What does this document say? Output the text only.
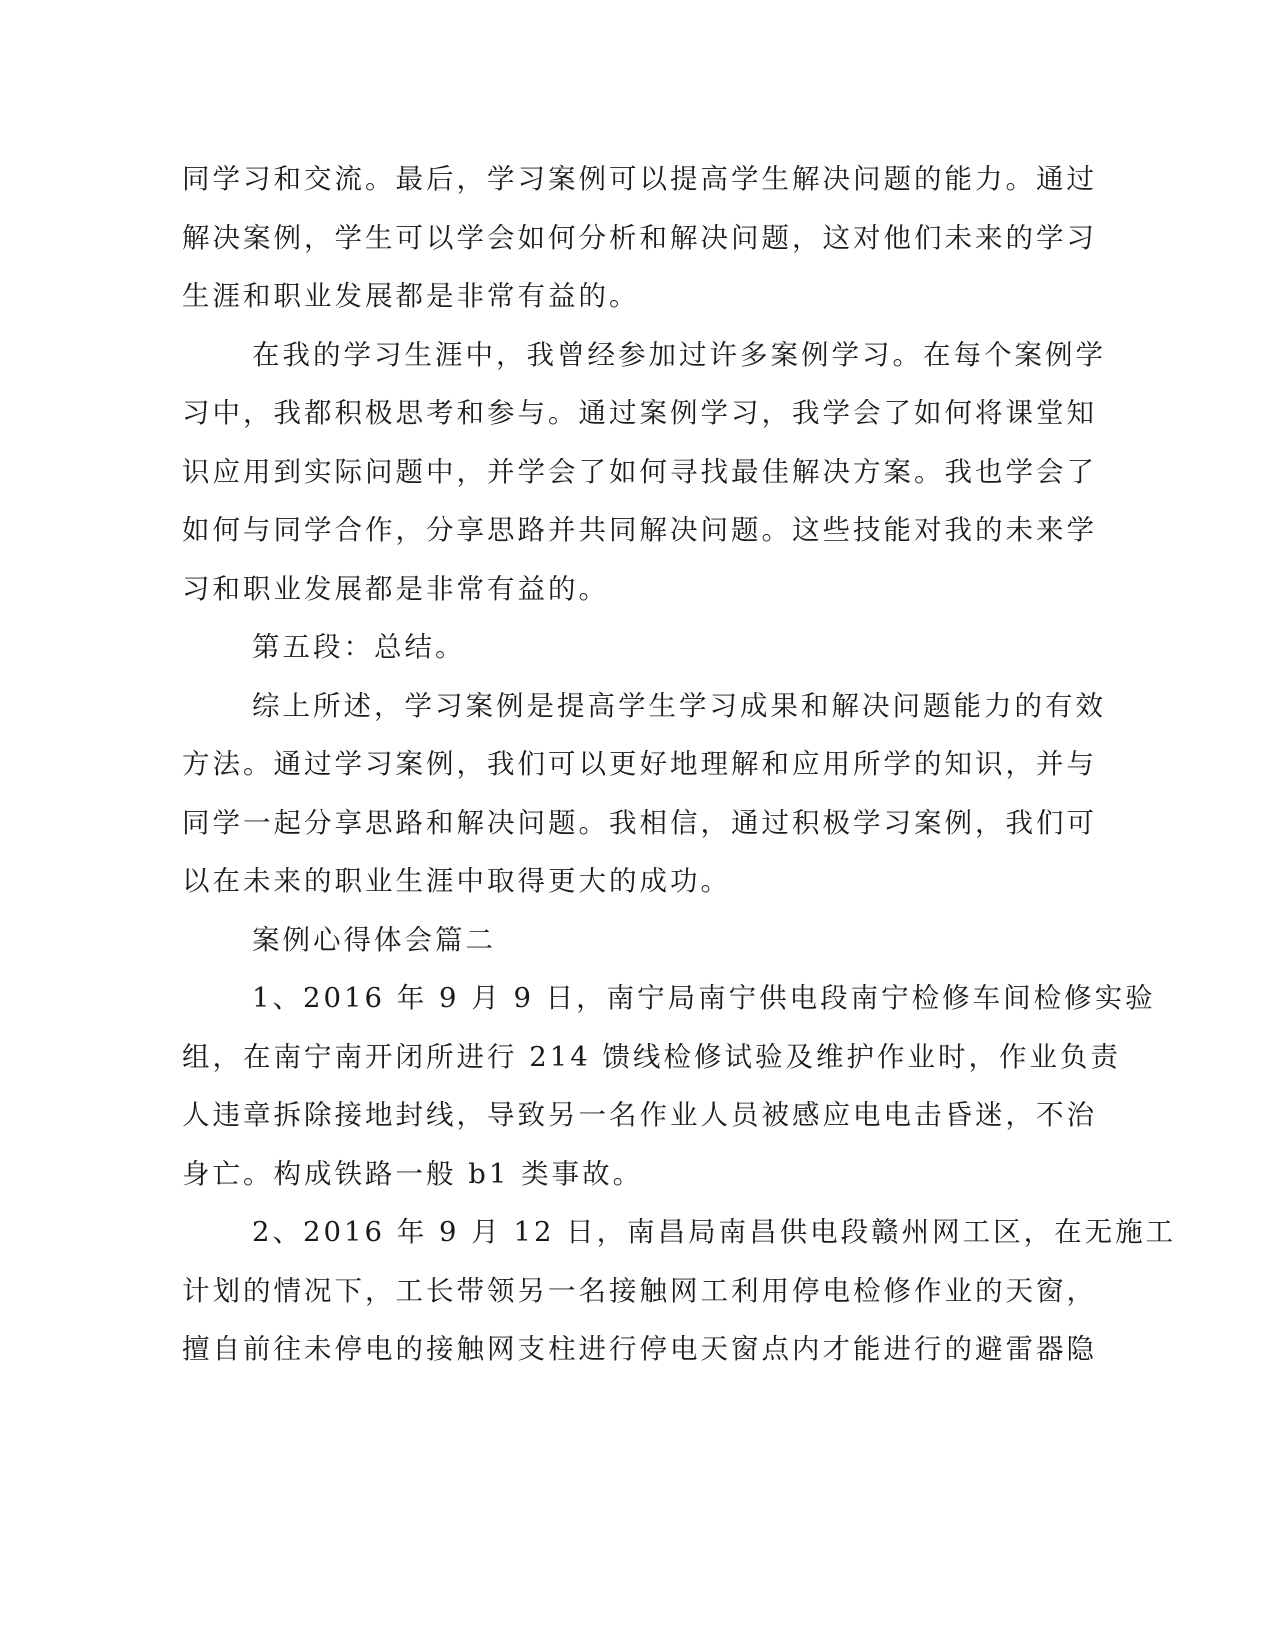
同学习和交流。最后，学习案例可以提高学生解决问题的能力。通过
解决案例，学生可以学会如何分析和解决问题，这对他们未来的学习
生涯和职业发展都是非常有益的。
在我的学习生涯中，我曾经参加过许多案例学习。在每个案例学
习中，我都积极思考和参与。通过案例学习，我学会了如何将课堂知
识应用到实际问题中，并学会了如何寻找最佳解决方案。我也学会了
如何与同学合作，分享思路并共同解决问题。这些技能对我的未来学
习和职业发展都是非常有益的。
第五段：总结。
综上所述，学习案例是提高学生学习成果和解决问题能力的有效
方法。通过学习案例，我们可以更好地理解和应用所学的知识，并与
同学一起分享思路和解决问题。我相信，通过积极学习案例，我们可
以在未来的职业生涯中取得更大的成功。
案例心得体会篇二
1、2016 年 9 月 9 日，南宁局南宁供电段南宁检修车间检修实验
组，在南宁南开闭所进行 214 馈线检修试验及维护作业时，作业负责
人违章拆除接地封线，导致另一名作业人员被感应电电击昏迷，不治
身亡。构成铁路一般 b1 类事故。
2、2016 年 9 月 12 日，南昌局南昌供电段赣州网工区，在无施工
计划的情况下，工长带领另一名接触网工利用停电检修作业的天窗，
擅自前往未停电的接触网支柱进行停电天窗点内才能进行的避雷器隐
